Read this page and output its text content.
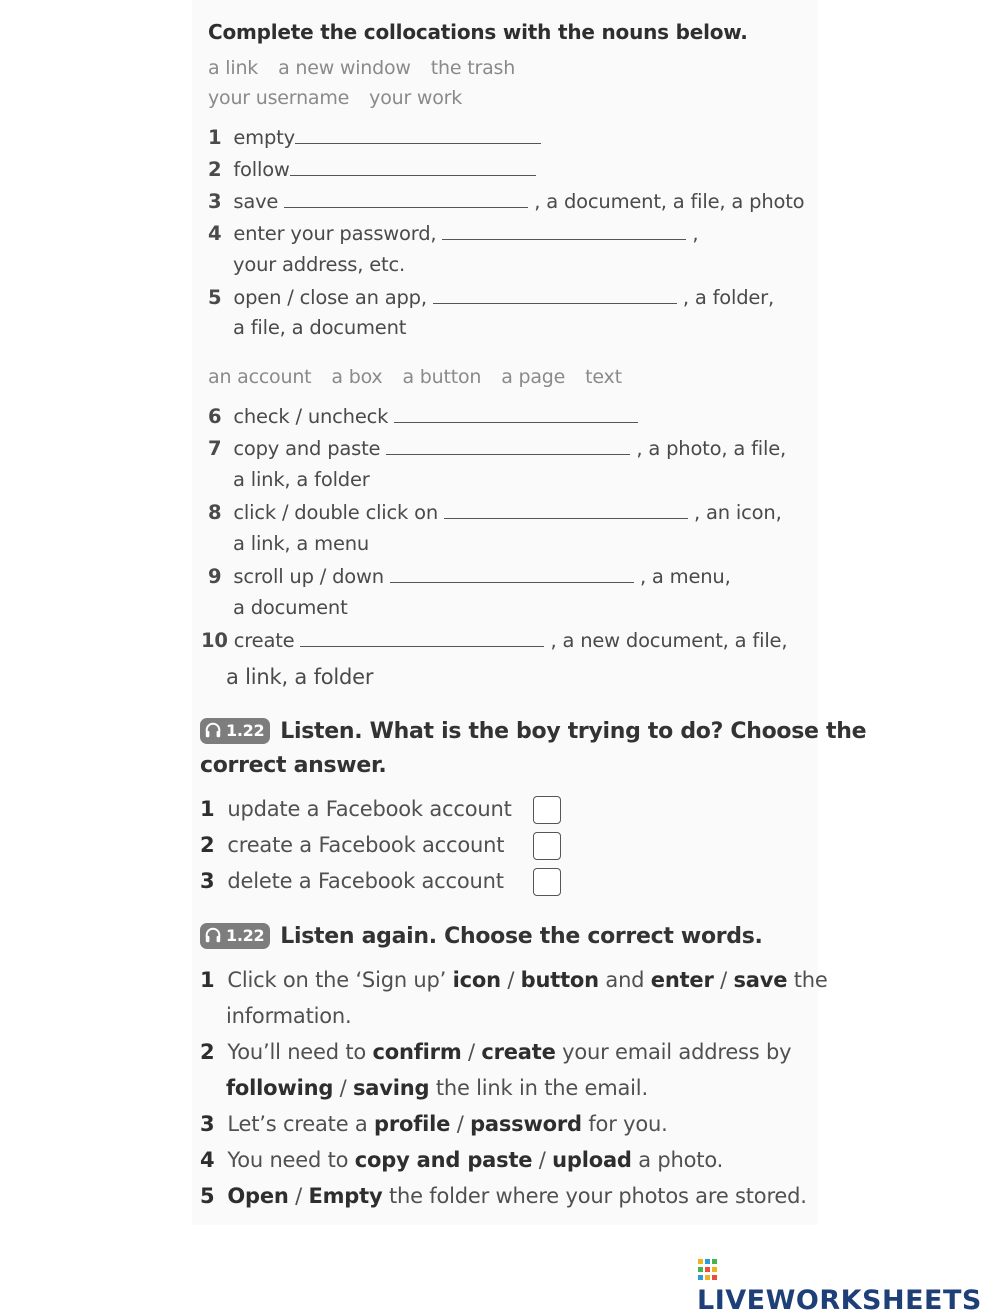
Complete the collocations with the nouns below.
a link a new window the trash
your username your work
1 empty
2 follow
3 save	, a document, a file, a photo
4 enter your password,	,
your address, etc.
5 open / close an app,	, a folder,
a file, a document
an account a box a button a page text
6 check / uncheck
7 copy and paste	, a photo, a file,
a link, a folder
8 click / double click on	, an icon,
a link, a menu
9 scroll up / down	, a menu,
a document
10 create	, a new document, a file,
a link, a folder
1.22 Listen. What is the boy trying to do? Choose the
correct answer.
1 update a Facebook account
2 create a Facebook account
3 delete a Facebook account
1.22 Listen again. Choose the correct words.
1 Click on the ‘Sign up’ icon / button and enter / save the
information.
2 You’ll need to confirm / create your email address by
following / saving the link in the email.
3 Let’s create a profile / password for you.
4 You need to copy and paste / upload a photo.
5 Open / Empty the folder where your photos are stored.

LIVEWORKSHEETS
